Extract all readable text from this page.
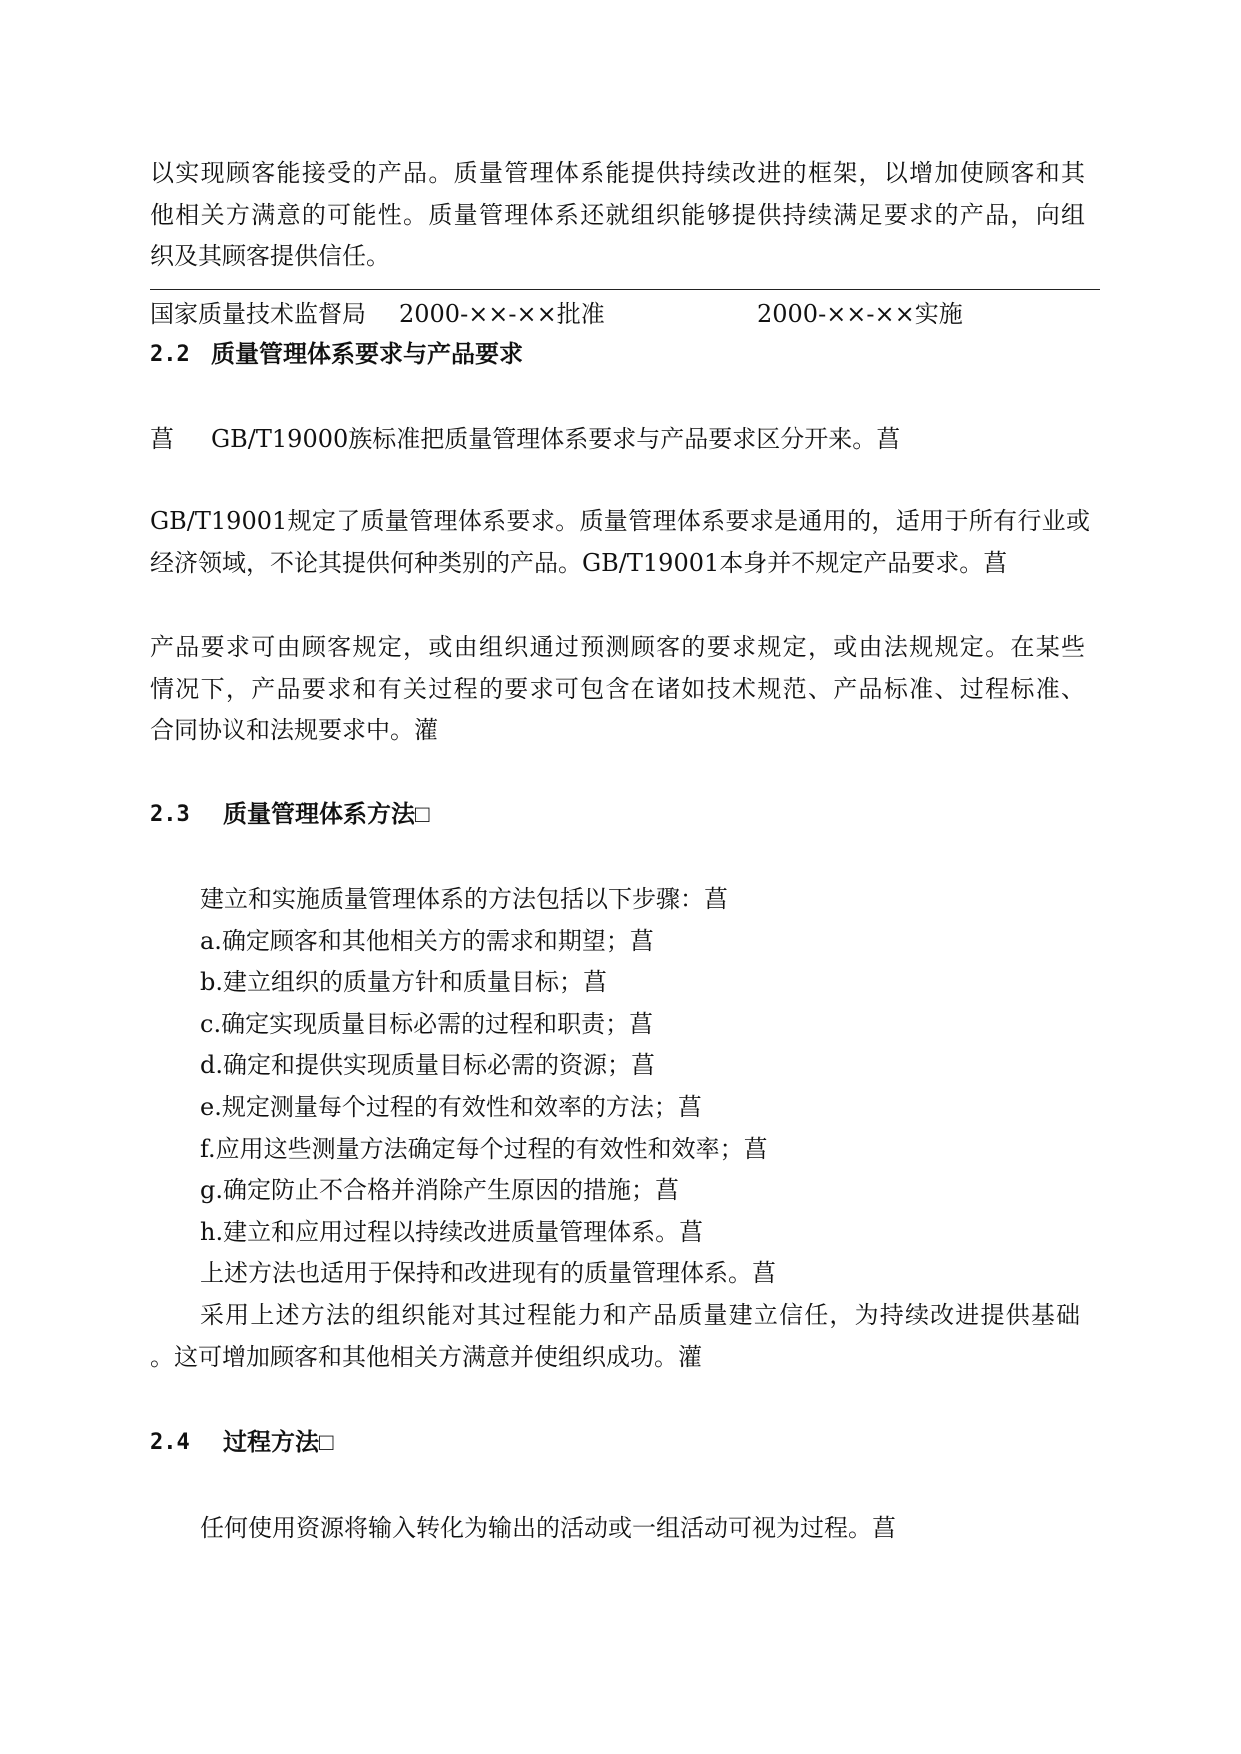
以实现顾客能接受的产品。质量管理体系能提供持续改进的框架，以增加使顾客和其
他相关方满意的可能性。质量管理体系还就组织能够提供持续满足要求的产品，向组
织及其顾客提供信任。
国家质量技术监督局 2000-××-××批准	2000-××-××实施
2.2 质量管理体系要求与产品要求
菖 GB/T19000族标准把质量管理体系要求与产品要求区分开来。菖
GB/T19001规定了质量管理体系要求。质量管理体系要求是通用的，适用于所有行业或
经济领域，不论其提供何种类别的产品。GB/T19001本身并不规定产品要求。菖
产品要求可由顾客规定，或由组织通过预测顾客的要求规定，或由法规规定。在某些
情况下，产品要求和有关过程的要求可包含在诸如技术规范、产品标准、过程标准、
合同协议和法规要求中。灌
2.3 质量管理体系方法□
建立和实施质量管理体系的方法包括以下步骤：菖
a.确定顾客和其他相关方的需求和期望；菖
b.建立组织的质量方针和质量目标；菖
c.确定实现质量目标必需的过程和职责；菖
d.确定和提供实现质量目标必需的资源；菖
e.规定测量每个过程的有效性和效率的方法；菖
f.应用这些测量方法确定每个过程的有效性和效率；菖
g.确定防止不合格并消除产生原因的措施；菖
h.建立和应用过程以持续改进质量管理体系。菖
上述方法也适用于保持和改进现有的质量管理体系。菖
采用上述方法的组织能对其过程能力和产品质量建立信任，为持续改进提供基础
。这可增加顾客和其他相关方满意并使组织成功。灌
2.4 过程方法□
任何使用资源将输入转化为输出的活动或一组活动可视为过程。菖
